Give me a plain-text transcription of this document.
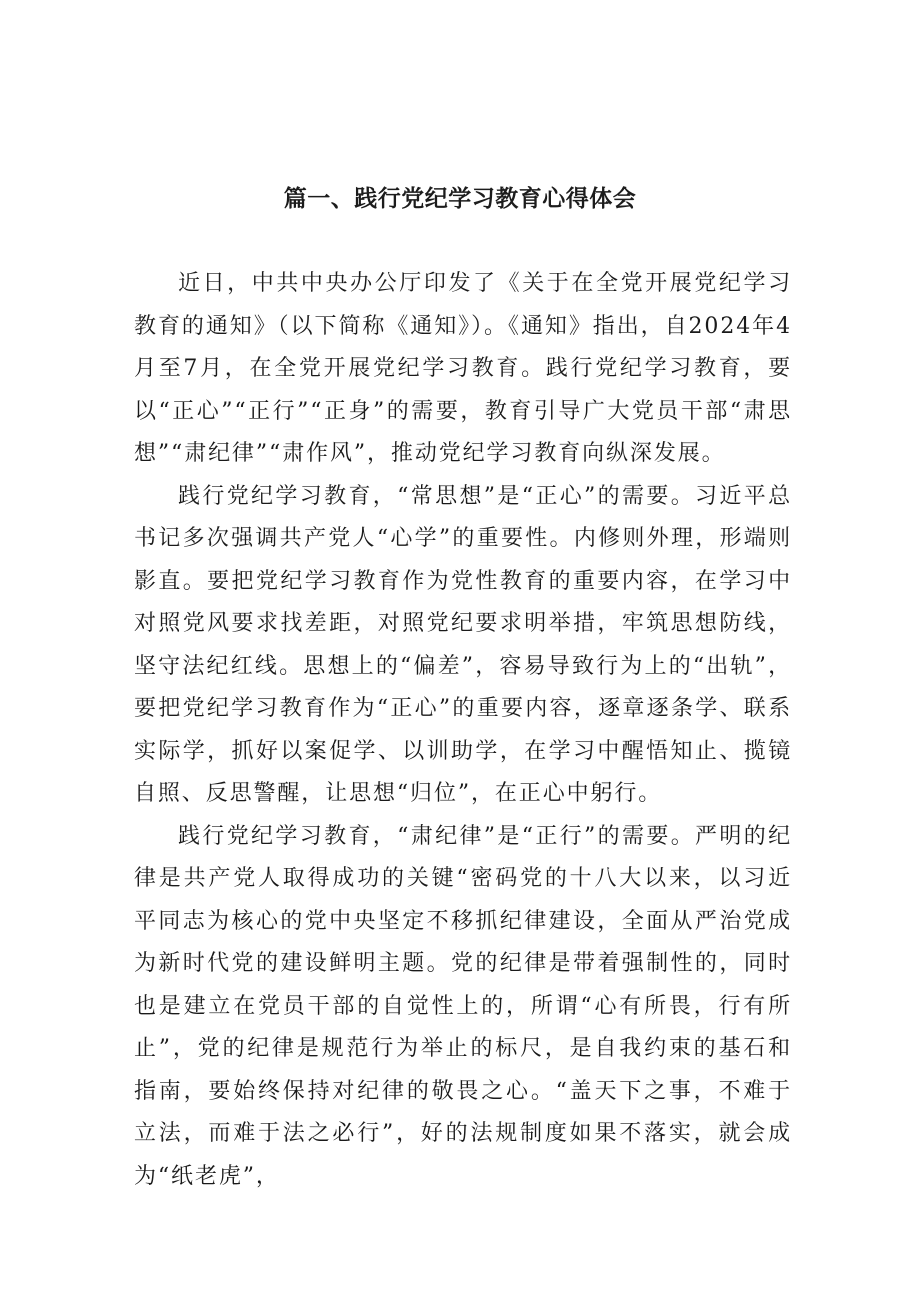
篇一、践行党纪学习教育心得体会

近日，中共中央办公厅印发了《关于在全党开展党纪学习教育的通知》（以下简称《通知》）。《通知》指出，自2024年4月至7月，在全党开展党纪学习教育。践行党纪学习教育，要以“正心”“正行”“正身”的需要，教育引导广大党员干部“肃思想”“肃纪律”“肃作风”，推动党纪学习教育向纵深发展。

践行党纪学习教育，“常思想”是“正心”的需要。习近平总书记多次强调共产党人“心学”的重要性。内修则外理，形端则影直。要把党纪学习教育作为党性教育的重要内容，在学习中对照党风要求找差距，对照党纪要求明举措，牢筑思想防线，坚守法纪红线。思想上的“偏差”，容易导致行为上的“出轨”，要把党纪学习教育作为“正心”的重要内容，逐章逐条学、联系实际学，抓好以案促学、以训助学，在学习中醒悟知止、揽镜自照、反思警醒，让思想“归位”，在正心中躬行。

践行党纪学习教育，“肃纪律”是“正行”的需要。严明的纪律是共产党人取得成功的关键“密码党的十八大以来，以习近平同志为核心的党中央坚定不移抓纪律建设，全面从严治党成为新时代党的建设鲜明主题。党的纪律是带着强制性的，同时也是建立在党员干部的自觉性上的，所谓“心有所畏，行有所止”，党的纪律是规范行为举止的标尺，是自我约束的基石和指南，要始终保持对纪律的敬畏之心。“盖天下之事，不难于立法，而难于法之必行”，好的法规制度如果不落实，就会成为“纸老虎”，
